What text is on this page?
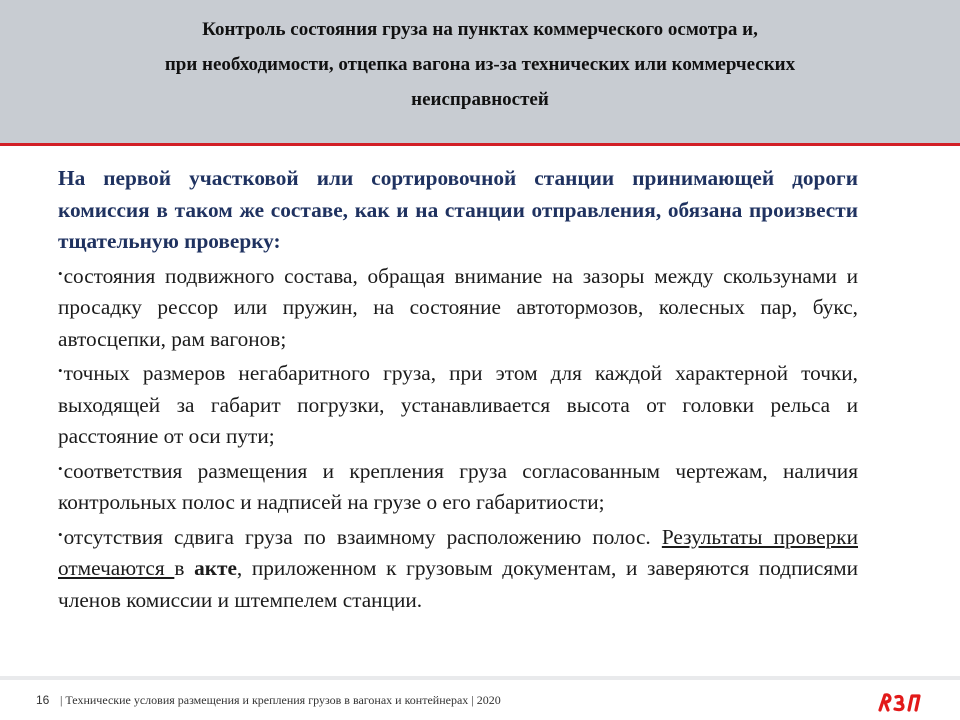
Контроль состояния груза на пунктах коммерческого осмотра и,
при необходимости, отцепка вагона из-за технических или коммерческих
неисправностей

На первой участковой или сортировочной станции принимающей дороги комиссия в таком же составе, как и на станции отправления, обязана произвести тщательную проверку:

• состояния подвижного состава, обращая внимание на зазоры между скользунами и просадку рессор или пружин, на состояние автотормозов, колесных пар, букс, автосцепки, рам вагонов;

• точных размеров негабаритного груза, при этом для каждой характерной точки, выходящей за габарит погрузки, устанавливается высота от головки рельса и расстояние от оси пути;

• соответствия размещения и крепления груза согласованным чертежам, наличия контрольных полос и надписей на грузе о его габаритиости;

• отсутствия сдвига груза по взаимному расположению полос. Результаты проверки отмечаются в акте, приложенном к грузовым документам, и заверяются подписями членов комиссии и штемпелем станции.

16 | Технические условия размещения и крепления грузов в вагонах и контейнерах | 2020
